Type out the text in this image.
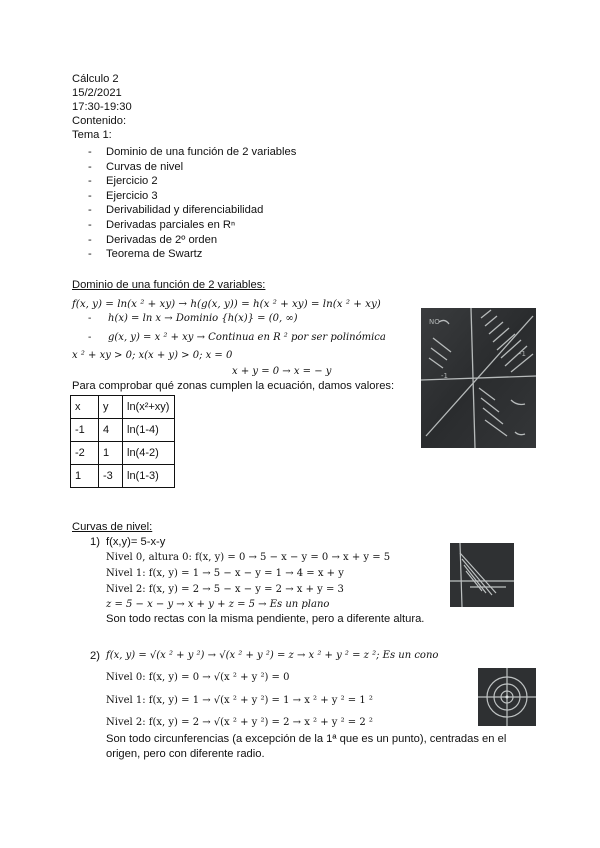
Cálculo 2
15/2/2021
17:30-19:30
Contenido:
Tema 1:
- Dominio de una función de 2 variables
- Curvas de nivel
- Ejercicio 2
- Ejercicio 3
- Derivabilidad y diferenciabilidad
- Derivadas parciales en Rⁿ
- Derivadas de 2º orden
- Teorema de Swartz
Dominio de una función de 2 variables:
f(x, y) = ln(x ² + xy) → h(g(x, y)) = h(x ² + xy) = ln(x ² + xy)
- h(x) = ln x → Dominio {h(x)} = (0, ∞)
- g(x, y) = x ² + xy → Continua en R ² por ser polinómica
x ² + xy > 0; x(x + y) > 0; x = 0
x + y = 0 → x = − y
Para comprobar qué zonas cumplen la ecuación, damos valores:
x	y	ln(x²+xy)
-1	4	ln(1-4)
-2	1	ln(4-2)
1	-3	ln(1-3)
NO
-1
-1
Curvas de nivel:
1) f(x,y)= 5-x-y
Nivel 0, altura 0: f(x, y) = 0 → 5 − x − y = 0 → x + y = 5
Nivel 1: f(x, y) = 1 → 5 − x − y = 1 → 4 = x + y
Nivel 2: f(x, y) = 2 → 5 − x − y = 2 → x + y = 3
z = 5 − x − y → x + y + z = 5 → Es un plano
Son todo rectas con la misma pendiente, pero a diferente altura.
2) f(x, y) = √(x ² + y ²) → √(x ² + y ²) = z → x ² + y ² = z ²; Es un cono
Nivel 0: f(x, y) = 0 → √(x ² + y ²) = 0
Nivel 1: f(x, y) = 1 → √(x ² + y ²) = 1 → x ² + y ² = 1 ²
Nivel 2: f(x, y) = 2 → √(x ² + y ²) = 2 → x ² + y ² = 2 ²
Son todo circunferencias (a excepción de la 1ª que es un punto), centradas en el
origen, pero con diferente radio.
